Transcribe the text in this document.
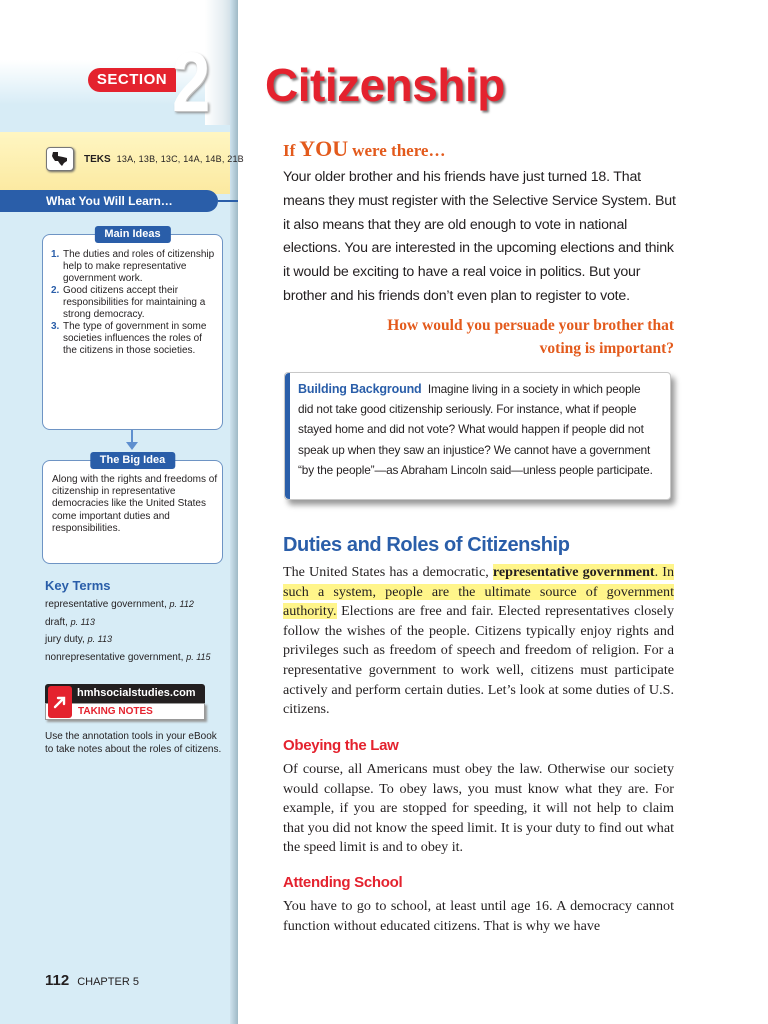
SECTION 2
TEKS 13A, 13B, 13C, 14A, 14B, 21B
What You Will Learn…
Main Ideas
1. The duties and roles of citizenship help to make representative government work.
2. Good citizens accept their responsibilities for maintaining a strong democracy.
3. The type of government in some societies influences the roles of the citizens in those societies.
The Big Idea

Along with the rights and freedoms of citizenship in representative democracies like the United States come important duties and responsibilities.

Key Terms
representative government, p. 112
draft, p. 113
jury duty, p. 113
nonrepresentative government, p. 115
hmhsocialstudies.com
TAKING NOTES

Use the annotation tools in your eBook to take notes about the roles of citizens.

112 CHAPTER 5
Citizenship
If YOU were there…

Your older brother and his friends have just turned 18. That means they must register with the Selective Service System. But it also means that they are old enough to vote in national elections. You are interested in the upcoming elections and think it would be exciting to have a real voice in politics. But your brother and his friends don’t even plan to register to vote.

How would you persuade your brother that voting is important?

Building Background Imagine living in a society in which people did not take good citizenship seriously. For instance, what if people stayed home and did not vote? What would happen if people did not speak up when they saw an injustice? We cannot have a government “by the people”—as Abraham Lincoln said—unless people participate.

Duties and Roles of Citizenship

The United States has a democratic, representative government. In such a system, people are the ultimate source of government authority. Elections are free and fair. Elected representatives closely follow the wishes of the people. Citizens typically enjoy rights and privileges such as freedom of speech and freedom of religion. For a representative government to work well, citizens must participate actively and perform certain duties. Let’s look at some duties of U.S. citizens.

Obeying the Law

Of course, all Americans must obey the law. Otherwise our society would collapse. To obey laws, you must know what they are. For example, if you are stopped for speeding, it will not help to claim that you did not know the speed limit. It is your duty to find out what the speed limit is and to obey it.

Attending School

You have to go to school, at least until age 16. A democracy cannot function without educated citizens. That is why we have
